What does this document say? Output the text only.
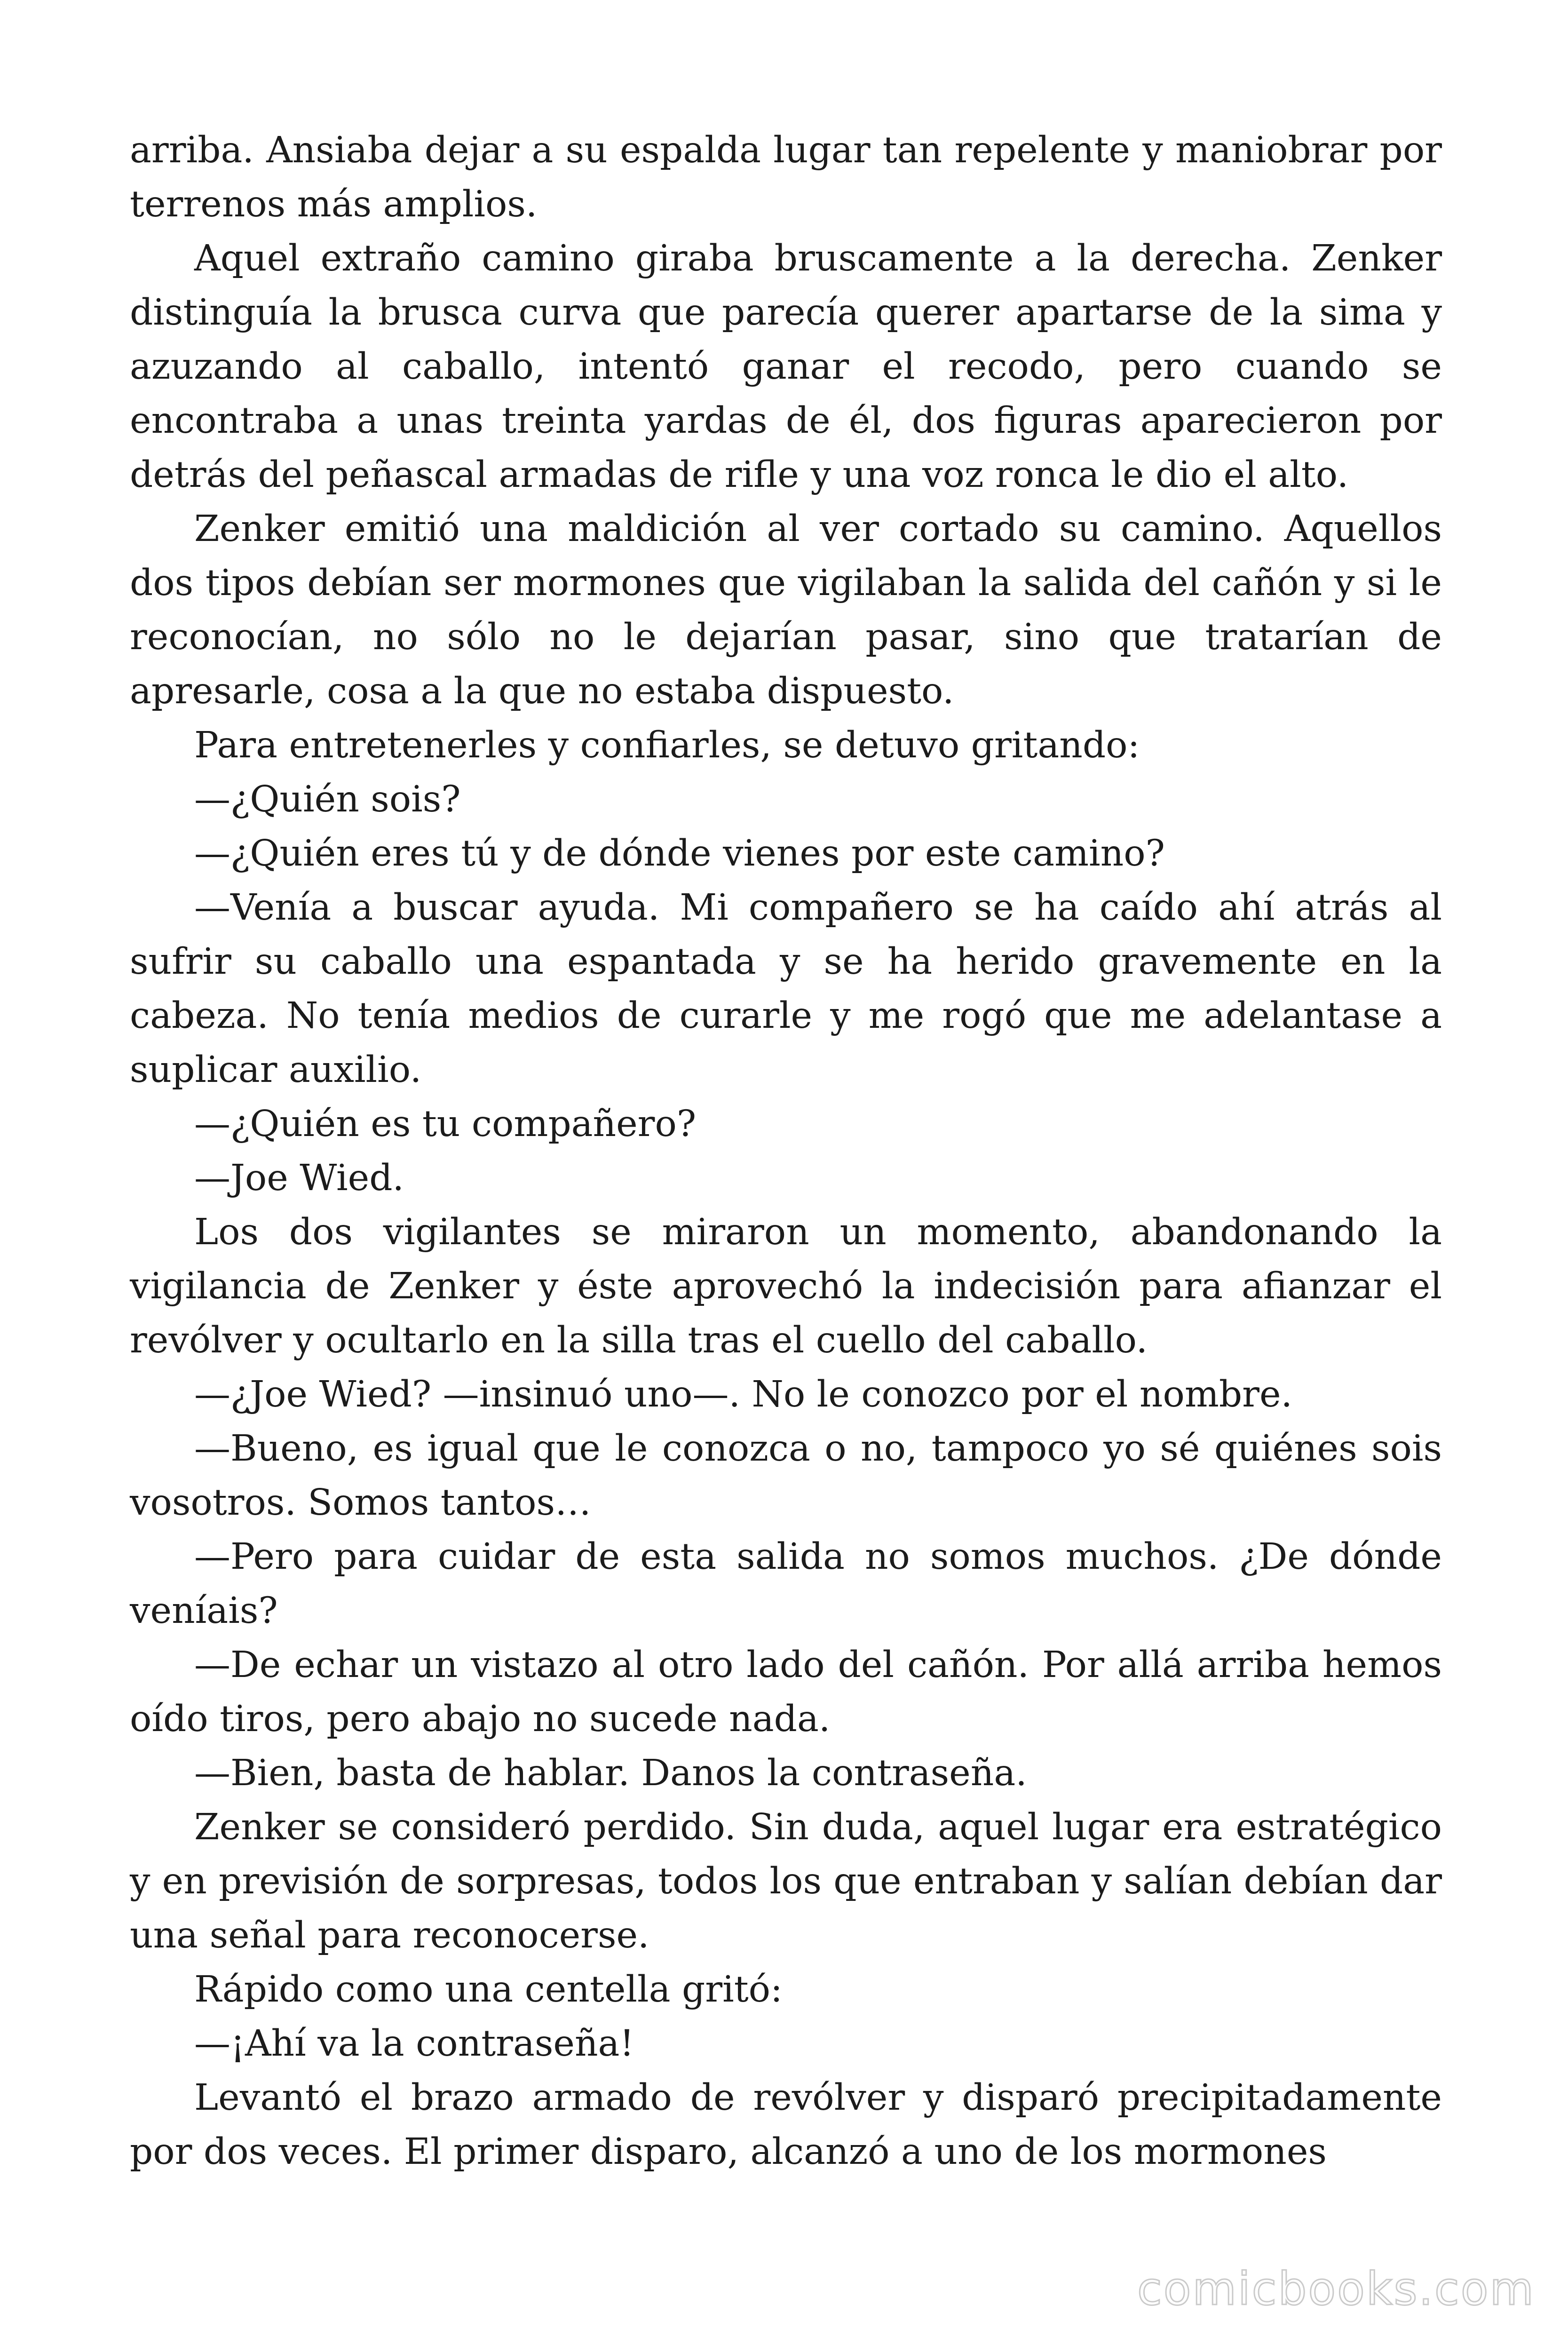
arriba. Ansiaba dejar a su espalda lugar tan repelente y maniobrar por terrenos más amplios.

Aquel extraño camino giraba bruscamente a la derecha. Zenker distinguía la brusca curva que parecía querer apartarse de la sima y azuzando al caballo, intentó ganar el recodo, pero cuando se encontraba a unas treinta yardas de él, dos figuras aparecieron por detrás del peñascal armadas de rifle y una voz ronca le dio el alto.

Zenker emitió una maldición al ver cortado su camino. Aquellos dos tipos debían ser mormones que vigilaban la salida del cañón y si le reconocían, no sólo no le dejarían pasar, sino que tratarían de apresarle, cosa a la que no estaba dispuesto.

Para entretenerles y confiarles, se detuvo gritando:

—¿Quién sois?

—¿Quién eres tú y de dónde vienes por este camino?

—Venía a buscar ayuda. Mi compañero se ha caído ahí atrás al sufrir su caballo una espantada y se ha herido gravemente en la cabeza. No tenía medios de curarle y me rogó que me adelantase a suplicar auxilio.

—¿Quién es tu compañero?

—Joe Wied.

Los dos vigilantes se miraron un momento, abandonando la vigilancia de Zenker y éste aprovechó la indecisión para afianzar el revólver y ocultarlo en la silla tras el cuello del caballo.

—¿Joe Wied? —insinuó uno—. No le conozco por el nombre.

—Bueno, es igual que le conozca o no, tampoco yo sé quiénes sois vosotros. Somos tantos…

—Pero para cuidar de esta salida no somos muchos. ¿De dónde veníais?

—De echar un vistazo al otro lado del cañón. Por allá arriba hemos oído tiros, pero abajo no sucede nada.

—Bien, basta de hablar. Danos la contraseña.

Zenker se consideró perdido. Sin duda, aquel lugar era estratégico y en previsión de sorpresas, todos los que entraban y salían debían dar una señal para reconocerse.

Rápido como una centella gritó:

—¡Ahí va la contraseña!

Levantó el brazo armado de revólver y disparó precipitadamente por dos veces. El primer disparo, alcanzó a uno de los mormones

comicbooks.com
